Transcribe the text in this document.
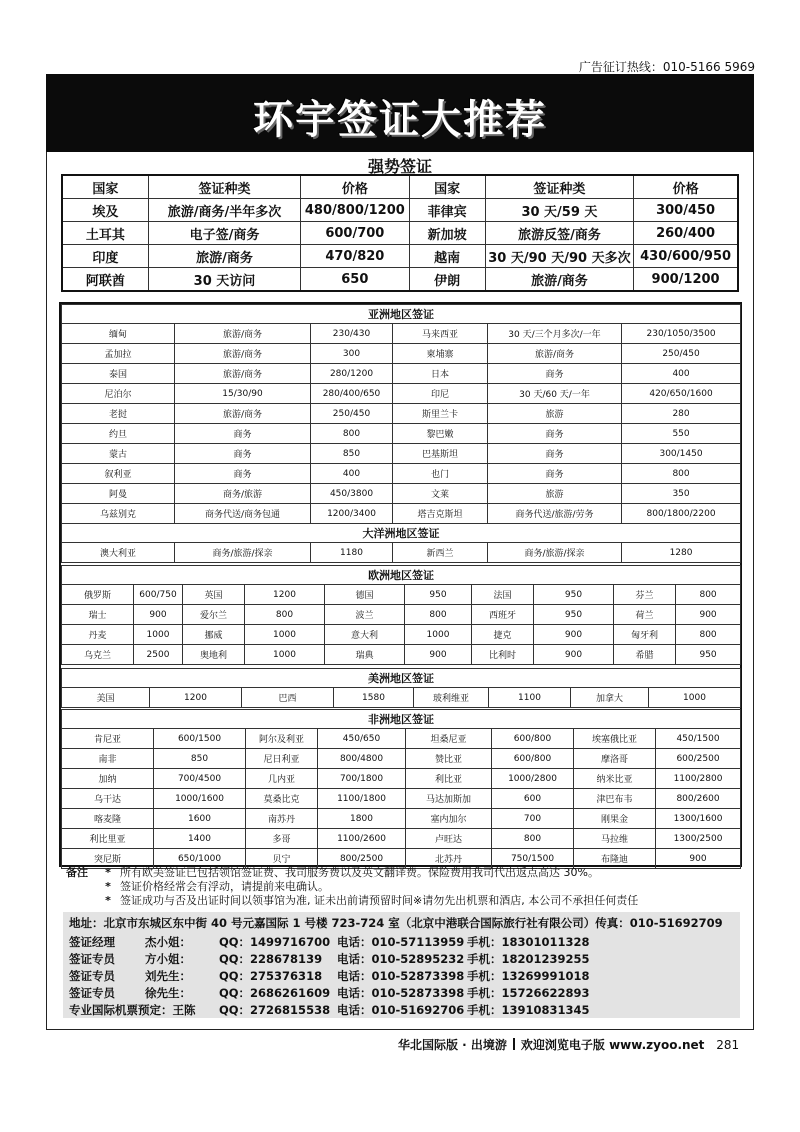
广告征订热线：010-5166 5969
环宇签证大推荐
强势签证
国家	签证种类	价格	国家	签证种类	价格
埃及	旅游/商务/半年多次	480/800/1200	菲律宾	30 天/59 天	300/450
土耳其	电子签/商务	600/700	新加坡	旅游反签/商务	260/400
印度	旅游/商务	470/820	越南	30 天/90 天/90 天多次	430/600/950
阿联酋	30 天访问	650	伊朗	旅游/商务	900/1200
亚洲地区签证					
缅甸	旅游/商务	230/430	马来西亚	30 天/三个月多次/一年	230/1050/3500
孟加拉	旅游/商务	300	柬埔寨	旅游/商务	250/450
泰国	旅游/商务	280/1200	日本	商务	400
尼泊尔	15/30/90	280/400/650	印尼	30 天/60 天/一年	420/650/1600
老挝	旅游/商务	250/450	斯里兰卡	旅游	280
约旦	商务	800	黎巴嫩	商务	550
蒙古	商务	850	巴基斯坦	商务	300/1450
叙利亚	商务	400	也门	商务	800
阿曼	商务/旅游	450/3800	文莱	旅游	350
乌兹别克	商务代送/商务包通	1200/3400	塔吉克斯坦	商务代送/旅游/劳务	800/1800/2200
大洋洲地区签证					
澳大利亚	商务/旅游/探亲	1180	新西兰	商务/旅游/探亲	1280
欧洲地区签证									
俄罗斯	600/750	英国	1200	德国	950	法国	950	芬兰	800
瑞士	900	爱尔兰	800	波兰	800	西班牙	950	荷兰	900
丹麦	1000	挪威	1000	意大利	1000	捷克	900	匈牙利	800
乌克兰	2500	奥地利	1000	瑞典	900	比利时	900	希腊	950
美洲地区签证
美国	1200	巴西	1580	玻利维亚	1100	加拿大	1000
非洲地区签证							
肯尼亚	600/1500	阿尔及利亚	450/650	坦桑尼亚	600/800	埃塞俄比亚	450/1500
南非	850	尼日利亚	800/4800	赞比亚	600/800	摩洛哥	600/2500
加纳	700/4500	几内亚	700/1800	利比亚	1000/2800	纳米比亚	1100/2800
乌干达	1000/1600	莫桑比克	1100/1800	马达加斯加	600	津巴布韦	800/2600
喀麦隆	1600	南苏丹	1800	塞内加尔	700	刚果金	1300/1600
利比里亚	1400	多哥	1100/2600	卢旺达	800	马拉维	1300/2500
突尼斯	650/1000	贝宁	800/2500	北苏丹	750/1500	布隆迪	900
备注 * 所有欧美签证已包括领馆签证费、我司服务费以及英文翻译费。保险费用我司代出返点高达 30%。
* 签证价格经常会有浮动，请提前来电确认。
* 签证成功与否及出证时间以领事馆为准, 证未出前请预留时间※请勿先出机票和酒店, 本公司不承担任何责任
地址：北京市东城区东中街 40 号元嘉国际 1 号楼 723-724 室（北京中港联合国际旅行社有限公司）传真：010-51692709
签证经理	杰小姐： QQ：1499716700 电话：010-57113959 手机：18301011328
签证专员	方小姐： QQ：228678139 电话：010-52895232 手机：18201239255
签证专员	刘先生： QQ：275376318 电话：010-52873398 手机：13269991018
签证专员	徐先生： QQ：2686261609 电话：010-52873398 手机：15726622893
专业国际机票预定：王陈 QQ：2726815538 电话：010-51692706 手机：13910831345
华北国际版 · 出境游 欢迎浏览电子版 www.zyoo.net 281
